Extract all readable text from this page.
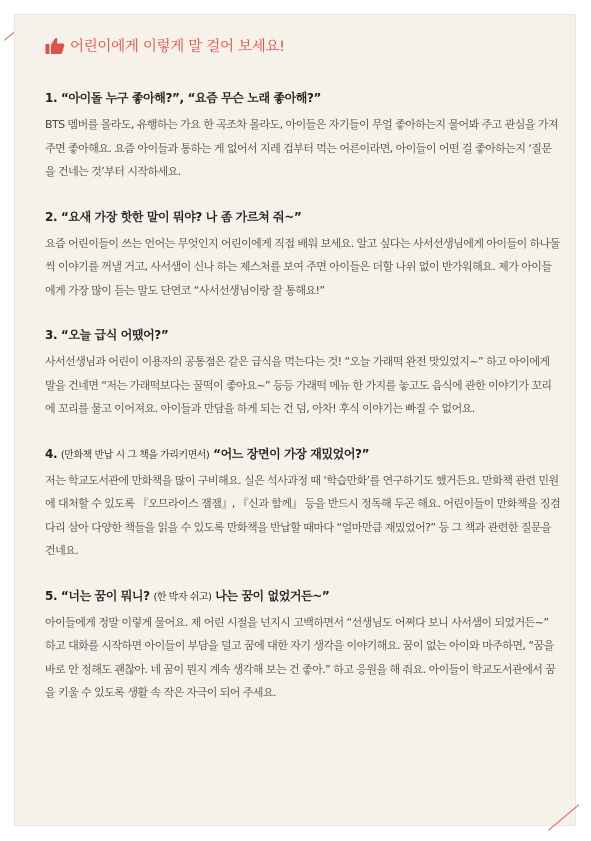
어린이에게 이렇게 말 걸어 보세요!
1. “아이돌 누구 좋아해?”, “요즘 무슨 노래 좋아해?”
BTS 멤버를 몰라도, 유행하는 가요 한 곡조차 몰라도, 아이들은 자기들이 무얼 좋아하는지 물어봐 주고 관심을 가져 주면 좋아해요. 요즘 아이들과 통하는 게 없어서 지레 겁부터 먹는 어른이라면, 아이들이 어떤 걸 좋아하는지 ‘질문을 건네는 것’부터 시작하세요.
2. “요새 가장 핫한 말이 뭐야? 나 좀 가르쳐 줘~”
요즘 어린이들이 쓰는 언어는 무엇인지 어린이에게 직접 배워 보세요. 알고 싶다는 사서선생님에게 아이들이 하나둘씩 이야기를 꺼낼 거고, 사서샘이 신나 하는 제스처를 보여 주면 아이들은 더할 나위 없이 반가워해요. 제가 아이들에게 가장 많이 듣는 말도 단연코 “사서선생님이랑 잘 통해요!”
3. “오늘 급식 어땠어?”
사서선생님과 어린이 이용자의 공통점은 같은 급식을 먹는다는 것! “오늘 가래떡 완전 맛있었지~” 하고 아이에게 말을 건네면 “저는 가래떡보다는 꿀떡이 좋아요~” 등등 가래떡 메뉴 한 가지를 놓고도 음식에 관한 이야기가 꼬리에 꼬리를 물고 이어져요. 아이들과 만담을 하게 되는 건 덤, 아차! 후식 이야기는 빠질 수 없어요.
4. (만화책 반납 시 그 책을 가리키면서) “어느 장면이 가장 재밌었어?”
저는 학교도서관에 만화책을 많이 구비해요. 실은 석사과정 때 ‘학습만화’를 연구하기도 했거든요. 만화책 관련 민원에 대처할 수 있도록 『오므라이스 잼잼』, 『신과 함께』 등을 반드시 정독해 두곤 해요. 어린이들이 만화책을 징검다리 삼아 다양한 책들을 읽을 수 있도록 만화책을 반납할 때마다 “얼마만큼 재밌었어?” 등 그 책과 관련한 질문을 건네요.
5. “너는 꿈이 뭐니? (한 박자 쉬고) 나는 꿈이 없었거든~”
아이들에게 정말 이렇게 물어요. 제 어린 시절을 넌지시 고백하면서 “선생님도 어쩌다 보니 사서샘이 되었거든~” 하고 대화를 시작하면 아이들이 부담을 덜고 꿈에 대한 자기 생각을 이야기해요. 꿈이 없는 아이와 마주하면, “꿈을 바로 안 정해도 괜찮아. 네 꿈이 뭔지 계속 생각해 보는 건 좋아.” 하고 응원을 해 줘요. 아이들이 학교도서관에서 꿈을 키울 수 있도록 생활 속 작은 자극이 되어 주세요.
